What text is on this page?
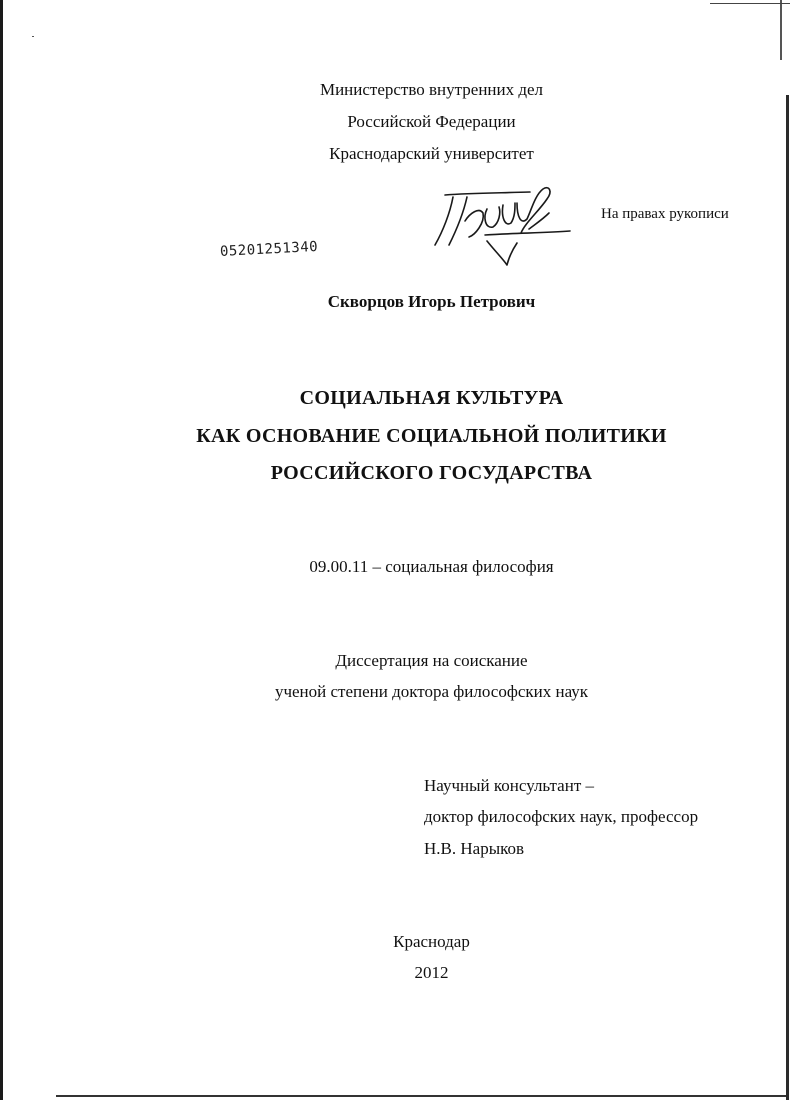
Министерство внутренних дел
Российской Федерации
Краснодарский университет
На правах рукописи
05201251340
Скворцов Игорь Петрович
СОЦИАЛЬНАЯ КУЛЬТУРА
КАК ОСНОВАНИЕ СОЦИАЛЬНОЙ ПОЛИТИКИ
РОССИЙСКОГО ГОСУДАРСТВА
09.00.11 – социальная философия
Диссертация на соискание
ученой степени доктора философских наук
Научный консультант –
доктор философских наук, профессор
Н.В. Нарыков
Краснодар
2012
